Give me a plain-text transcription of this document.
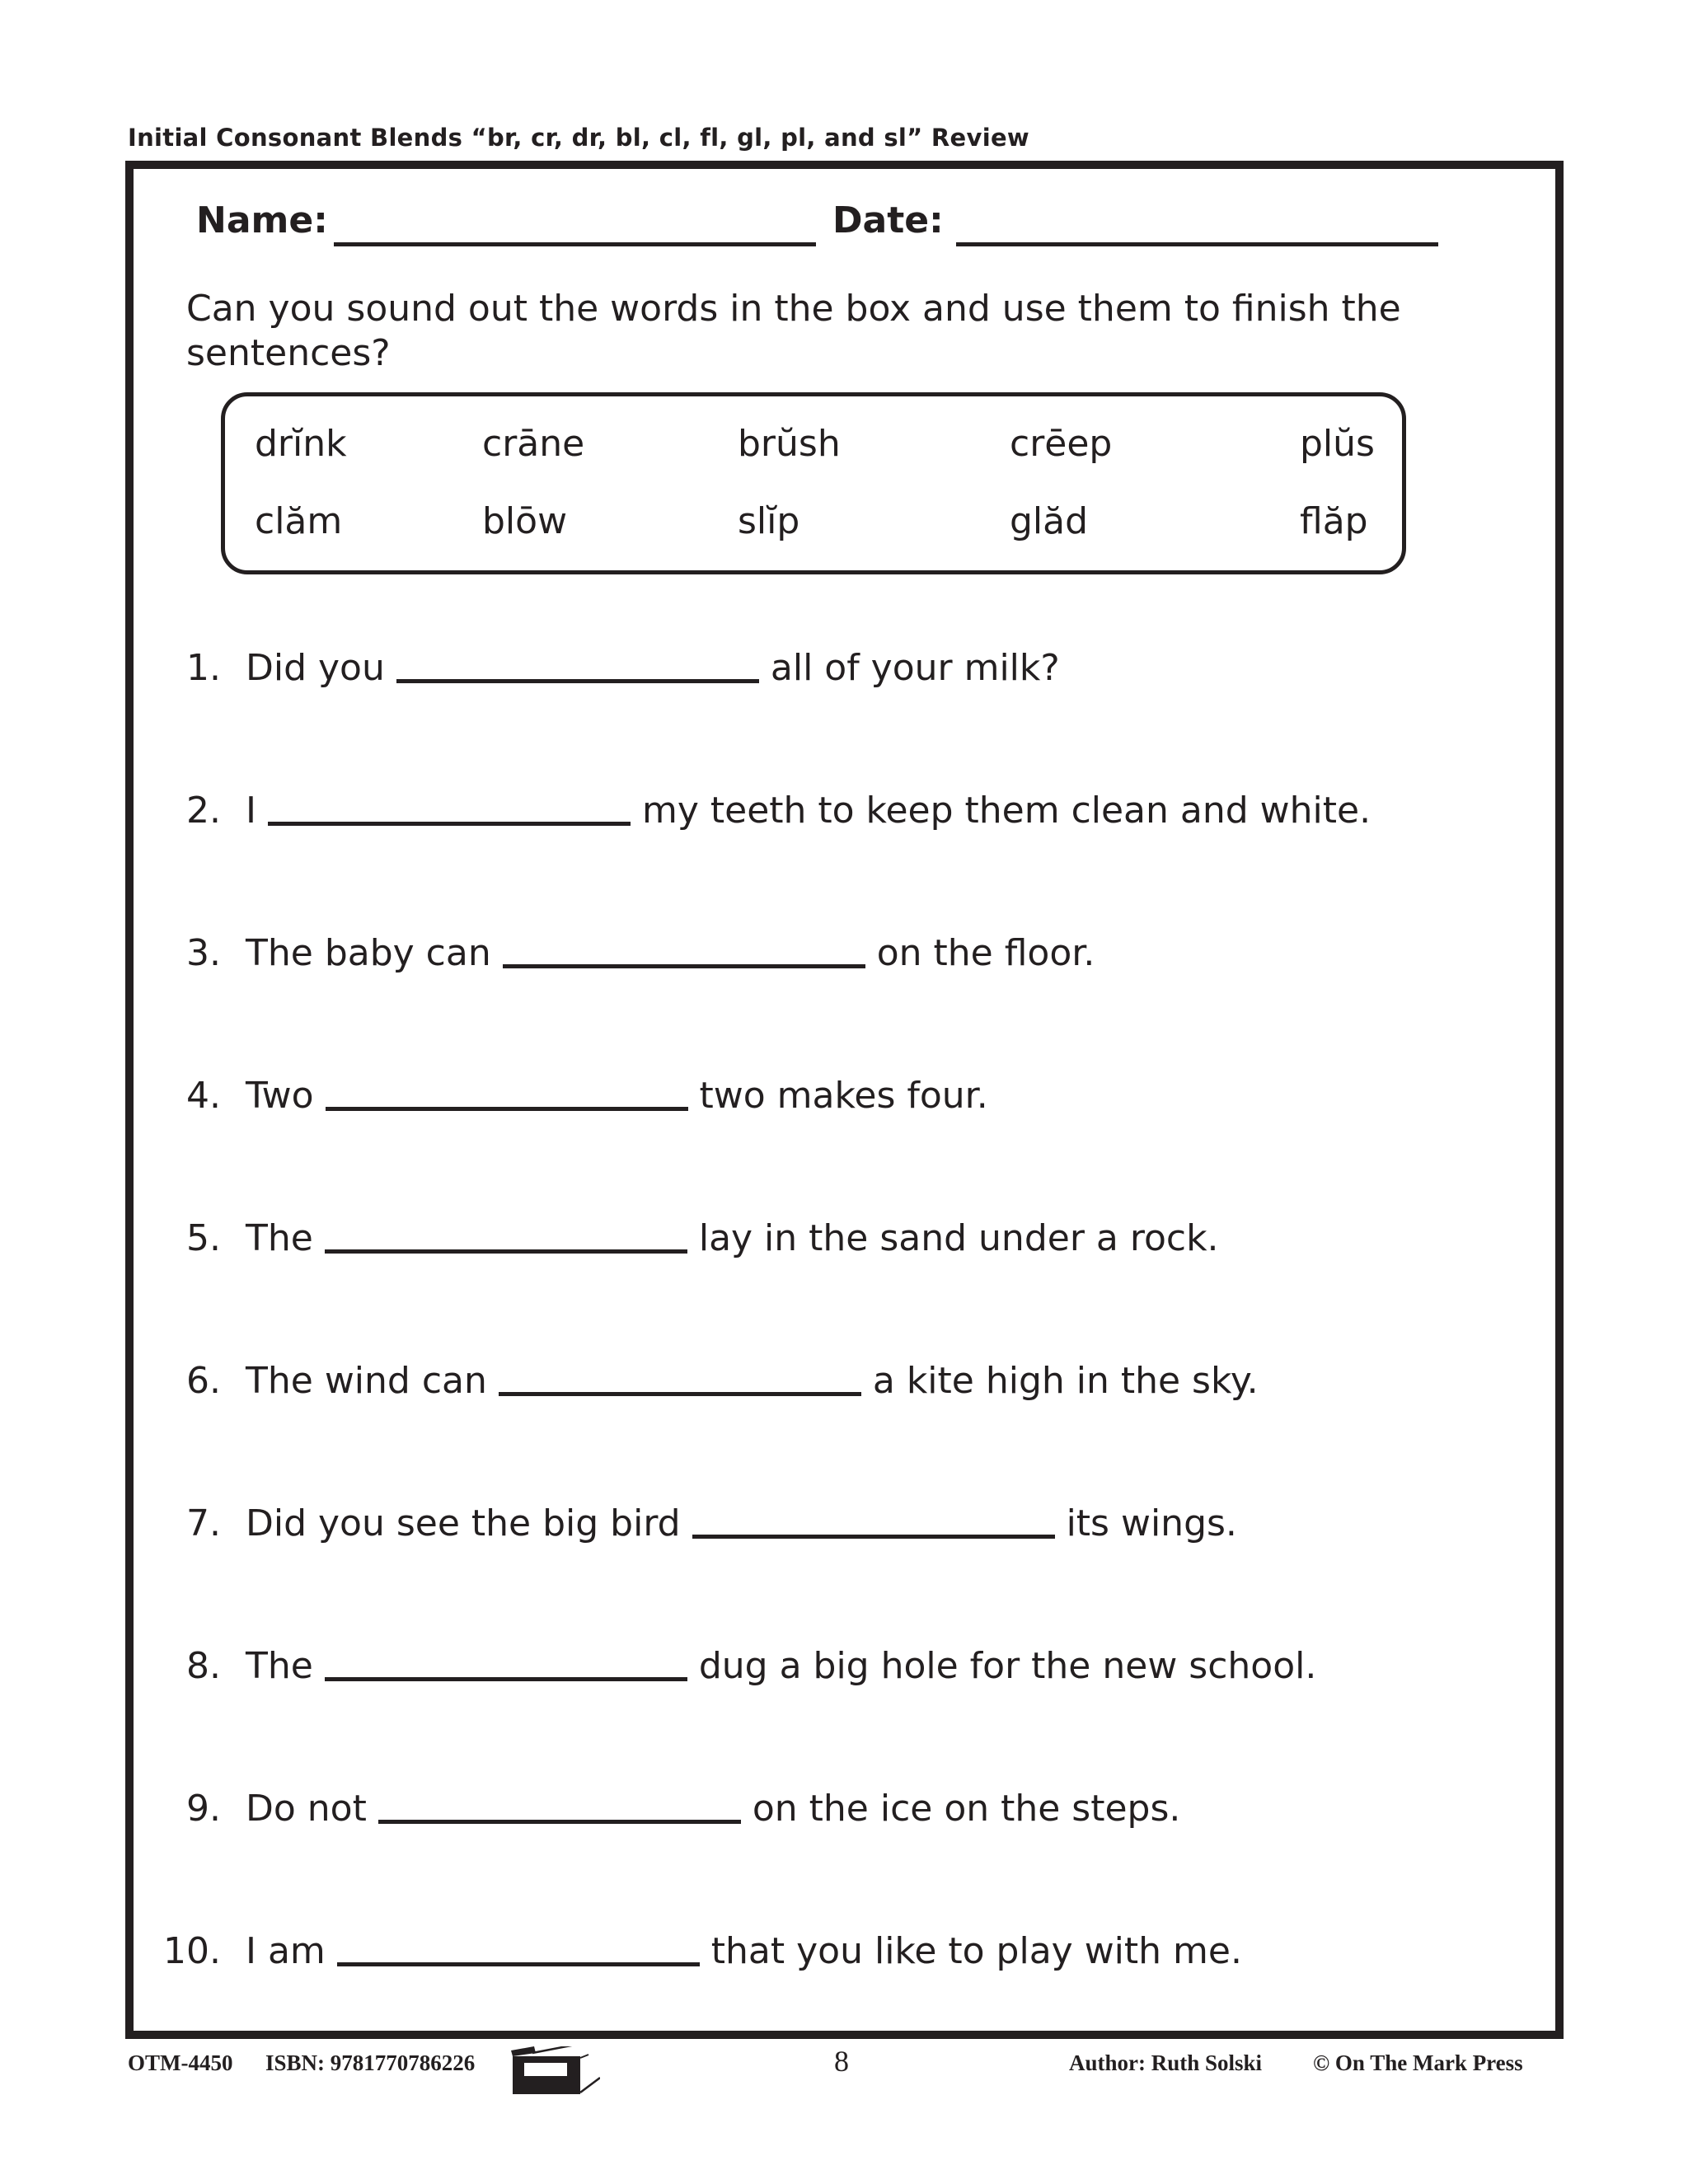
Initial Consonant Blends “br, cr, dr, bl, cl, fl, gl, pl, and sl” Review
Name:	Date:
Can you sound out the words in the box and use them to finish the sentences?
drĭnk	crāne	brŭsh	crēep	plŭs
clăm	blōw	slĭp	glăd	flăp
1. Did you	all of your milk?
2. I	my teeth to keep them clean and white.
3. The baby can	on the floor.
4. Two	two makes four.
5. The	lay in the sand under a rock.
6. The wind can	a kite high in the sky.
7. Did you see the big bird	its wings.
8. The	dug a big hole for the new school.
9. Do not	on the ice on the steps.
10. I am	that you like to play with me.
OTM-4450 ISBN: 9781770786226	8	Author: Ruth Solski © On The Mark Press
